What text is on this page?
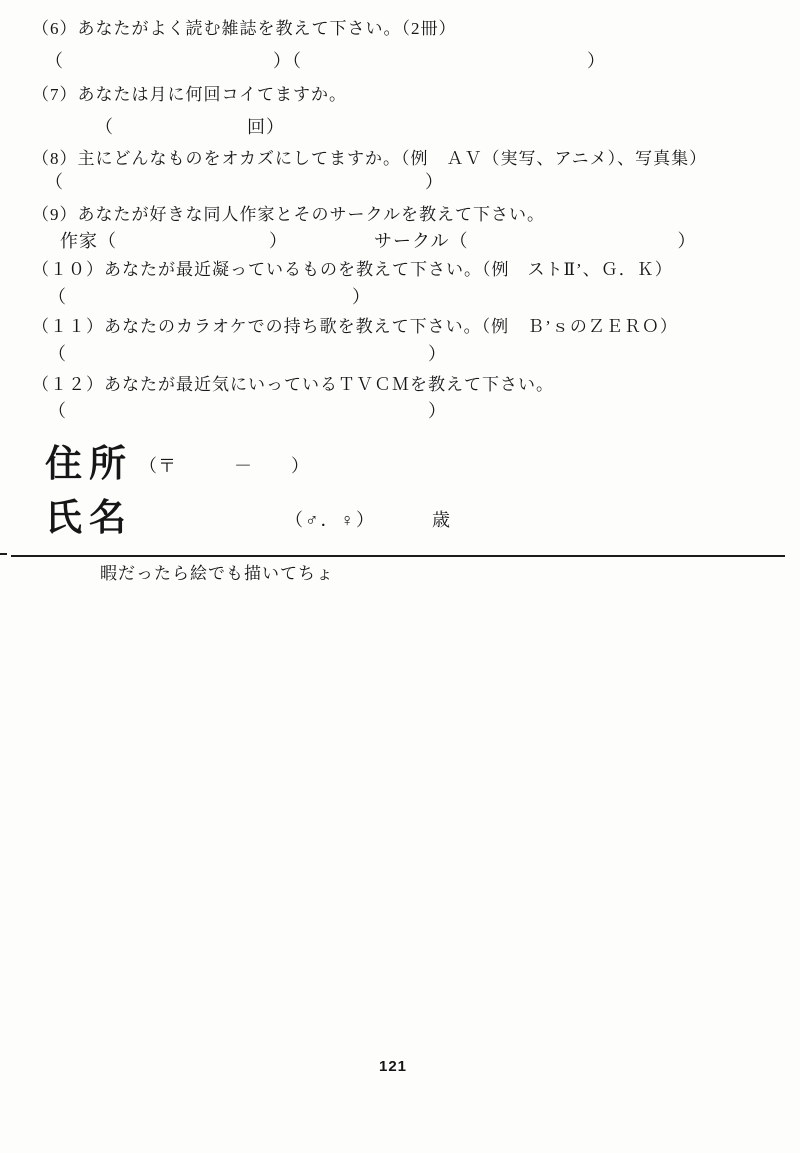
（6）あなたがよく読む雑誌を教えて下さい。（2冊）
（　　　　　　　　　　　）（　　　　　　　　　　　　　　　）
（7）あなたは月に何回コイてますか。
（　　　　　　　回）
（8）主にどんなものをオカズにしてますか。（例　ＡＶ（実写、アニメ）、写真集）
（　　　　　　　　　　　　　　　　　　　）
（9）あなたが好きな同人作家とそのサークルを教えて下さい。
作家（　　　　　　　　）　　　　　サークル（　　　　　　　　　　　）
（１０）あなたが最近凝っているものを教えて下さい。（例　ストⅡ’、Ｇ．Ｋ）
（　　　　　　　　　　　　　　　）
（１１）あなたのカラオケでの持ち歌を教えて下さい。（例　Ｂ’ｓのＺＥＲＯ）
（　　　　　　　　　　　　　　　　　　　）
（１２）あなたが最近気にいっているＴＶＣＭを教えて下さい。
（　　　　　　　　　　　　　　　　　　　）
住所 （〒　　　－　　）
氏名	（♂．♀）	歳
暇だったら絵でも描いてちょ
121
